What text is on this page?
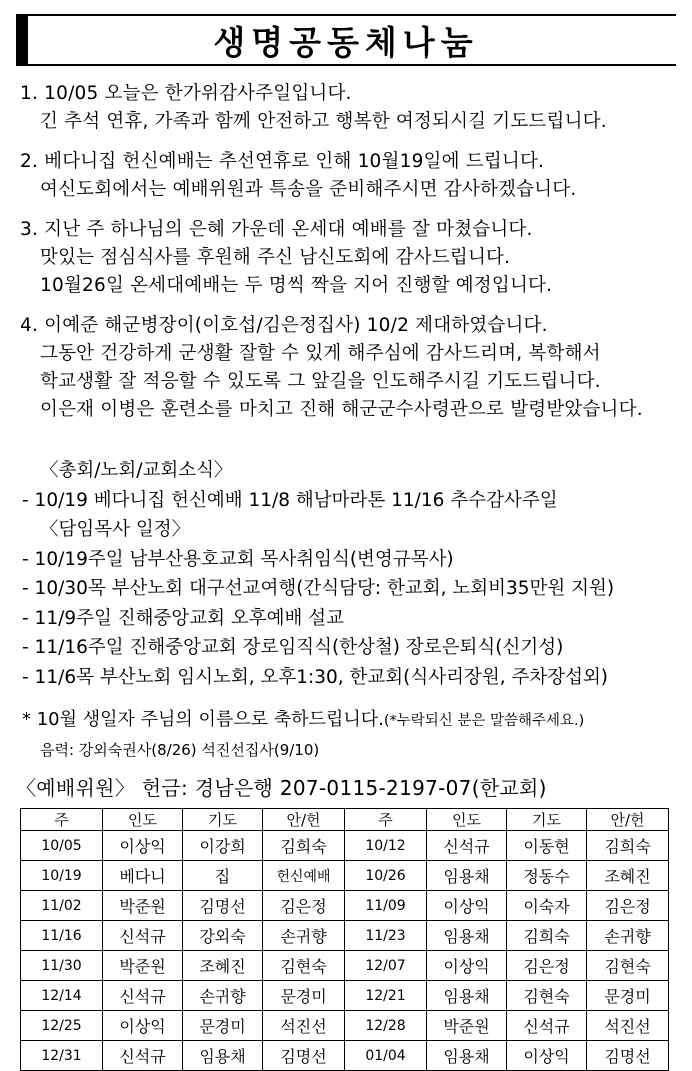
생명공동체나눔
1. 10/05 오늘은 한가위감사주일입니다.
긴 추석 연휴, 가족과 함께 안전하고 행복한 여정되시길 기도드립니다.
2. 베다니집 헌신예배는 추선연휴로 인해 10월19일에 드립니다.
여신도회에서는 예배위원과 특송을 준비해주시면 감사하겠습니다.
3. 지난 주 하나님의 은혜 가운데 온세대 예배를 잘 마쳤습니다.
맛있는 점심식사를 후원해 주신 남신도회에 감사드립니다.
10월26일 온세대예배는 두 명씩 짝을 지어 진행할 예정입니다.
4. 이예준 해군병장이(이호섭/김은정집사) 10/2 제대하였습니다.
그동안 건강하게 군생활 잘할 수 있게 해주심에 감사드리며, 복학해서
학교생활 잘 적응할 수 있도록 그 앞길을 인도해주시길 기도드립니다.
이은재 이병은 훈련소를 마치고 진해 해군군수사령관으로 발령받았습니다.
〈총회/노회/교회소식〉
- 10/19 베다니집 헌신예배 11/8 해남마라톤 11/16 추수감사주일
〈담임목사 일정〉
- 10/19주일 남부산용호교회 목사취임식(변영규목사)
- 10/30목 부산노회 대구선교여행(간식담당: 한교회, 노회비35만원 지원)
- 11/9주일 진해중앙교회 오후예배 설교
- 11/16주일 진해중앙교회 장로임직식(한상철) 장로은퇴식(신기성)
- 11/6목 부산노회 임시노회, 오후1:30, 한교회(식사리장원, 주차장섭외)
* 10월 생일자 주님의 이름으로 축하드립니다.(*누락되신 분은 말씀해주세요.)
음력: 강외숙권사(8/26) 석진선집사(9/10)
〈예배위원〉 헌금: 경남은행 207-0115-2197-07(한교회)
주	인도	기도	안/헌	주	인도	기도	안/헌
10/05	이상익	이강희	김희숙	10/12	신석규	이동현	김희숙
10/19	베다니	집	헌신예배	10/26	임용채	정동수	조혜진
11/02	박준원	김명선	김은정	11/09	이상익	이숙자	김은정
11/16	신석규	강외숙	손귀향	11/23	임용채	김희숙	손귀향
11/30	박준원	조혜진	김현숙	12/07	이상익	김은정	김현숙
12/14	신석규	손귀향	문경미	12/21	임용채	김현숙	문경미
12/25	이상익	문경미	석진선	12/28	박준원	신석규	석진선
12/31	신석규	임용채	김명선	01/04	임용채	이상익	김명선
